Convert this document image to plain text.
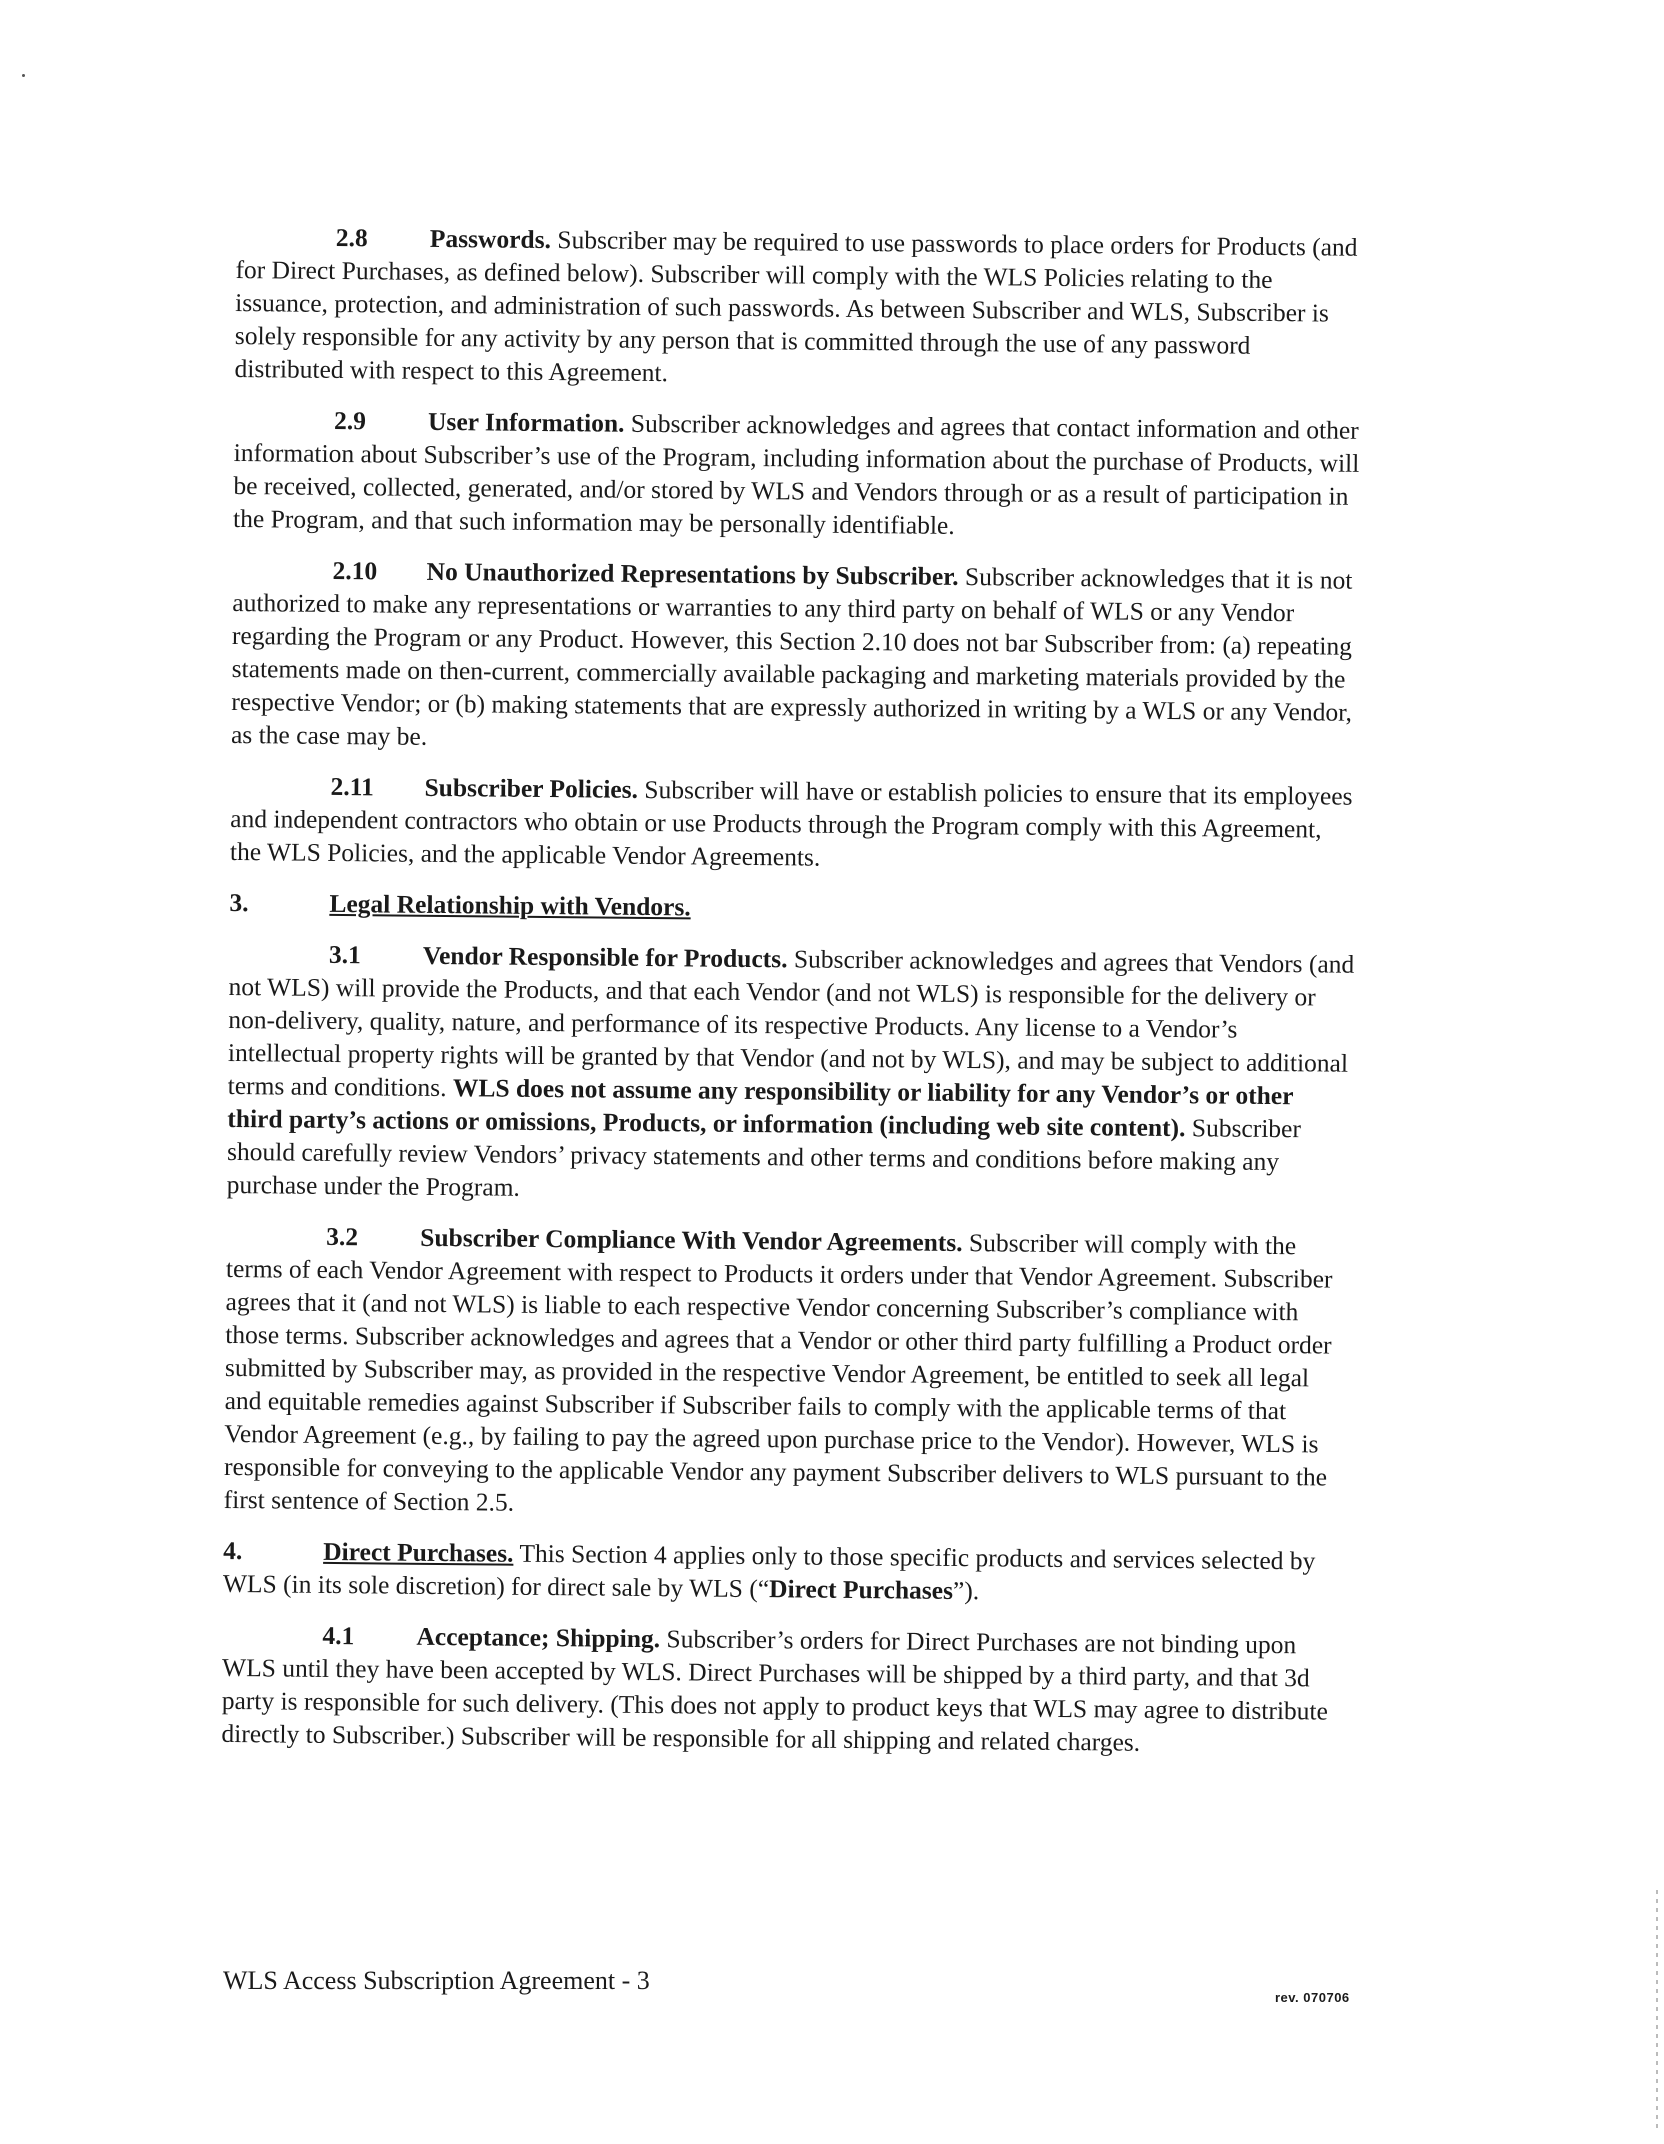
2.8 Passwords. Subscriber may be required to use passwords to place orders for Products (and for Direct Purchases, as defined below). Subscriber will comply with the WLS Policies relating to the issuance, protection, and administration of such passwords. As between Subscriber and WLS, Subscriber is solely responsible for any activity by any person that is committed through the use of any password distributed with respect to this Agreement.

2.9 User Information. Subscriber acknowledges and agrees that contact information and other information about Subscriber’s use of the Program, including information about the purchase of Products, will be received, collected, generated, and/or stored by WLS and Vendors through or as a result of participation in the Program, and that such information may be personally identifiable.

2.10 No Unauthorized Representations by Subscriber. Subscriber acknowledges that it is not authorized to make any representations or warranties to any third party on behalf of WLS or any Vendor regarding the Program or any Product. However, this Section 2.10 does not bar Subscriber from: (a) repeating statements made on then-current, commercially available packaging and marketing materials provided by the respective Vendor; or (b) making statements that are expressly authorized in writing by a WLS or any Vendor, as the case may be.

2.11 Subscriber Policies. Subscriber will have or establish policies to ensure that its employees and independent contractors who obtain or use Products through the Program comply with this Agreement, the WLS Policies, and the applicable Vendor Agreements.

3.	Legal Relationship with Vendors.

3.1 Vendor Responsible for Products. Subscriber acknowledges and agrees that Vendors (and not WLS) will provide the Products, and that each Vendor (and not WLS) is responsible for the delivery or non-delivery, quality, nature, and performance of its respective Products. Any license to a Vendor’s intellectual property rights will be granted by that Vendor (and not by WLS), and may be subject to additional terms and conditions. WLS does not assume any responsibility or liability for any Vendor’s or other third party’s actions or omissions, Products, or information (including web site content). Subscriber should carefully review Vendors’ privacy statements and other terms and conditions before making any purchase under the Program.

3.2 Subscriber Compliance With Vendor Agreements. Subscriber will comply with the terms of each Vendor Agreement with respect to Products it orders under that Vendor Agreement. Subscriber agrees that it (and not WLS) is liable to each respective Vendor concerning Subscriber’s compliance with those terms. Subscriber acknowledges and agrees that a Vendor or other third party fulfilling a Product order submitted by Subscriber may, as provided in the respective Vendor Agreement, be entitled to seek all legal and equitable remedies against Subscriber if Subscriber fails to comply with the applicable terms of that Vendor Agreement (e.g., by failing to pay the agreed upon purchase price to the Vendor). However, WLS is responsible for conveying to the applicable Vendor any payment Subscriber delivers to WLS pursuant to the first sentence of Section 2.5.

4.	Direct Purchases. This Section 4 applies only to those specific products and services selected by WLS (in its sole discretion) for direct sale by WLS (“Direct Purchases”).

4.1 Acceptance; Shipping. Subscriber’s orders for Direct Purchases are not binding upon WLS until they have been accepted by WLS. Direct Purchases will be shipped by a third party, and that 3d party is responsible for such delivery. (This does not apply to product keys that WLS may agree to distribute directly to Subscriber.) Subscriber will be responsible for all shipping and related charges.

WLS Access Subscription Agreement - 3
rev. 070706
